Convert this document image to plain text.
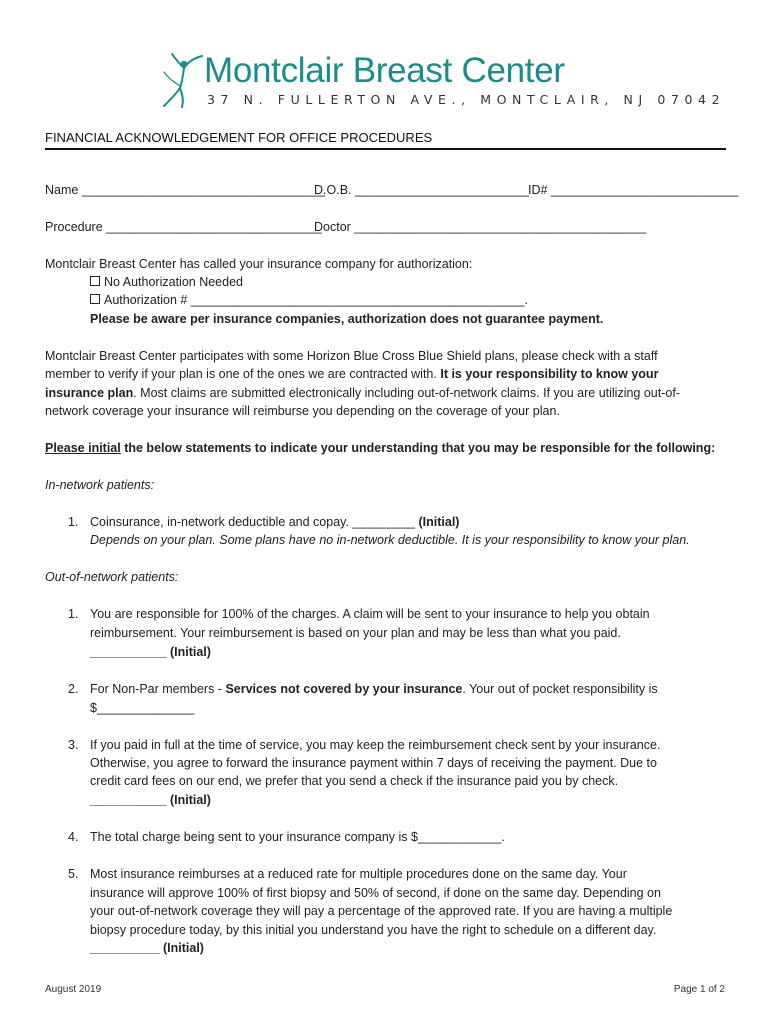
Montclair Breast Center
37 N. FULLERTON AVE., MONTCLAIR, NJ 07042
FINANCIAL ACKNOWLEDGEMENT FOR OFFICE PROCEDURES
Name ___________________________________
D.O.B. _________________________ ID# ___________________________
Procedure _______________________________
Doctor __________________________________________
Montclair Breast Center has called your insurance company for authorization:
No Authorization Needed
Authorization # ________________________________________________.
Please be aware per insurance companies, authorization does not guarantee payment.
Montclair Breast Center participates with some Horizon Blue Cross Blue Shield plans, please check with a staff
member to verify if your plan is one of the ones we are contracted with. It is your responsibility to know your
insurance plan. Most claims are submitted electronically including out-of-network claims. If you are utilizing out-of-
network coverage your insurance will reimburse you depending on the coverage of your plan.
Please initial the below statements to indicate your understanding that you may be responsible for the following:
In-network patients:
1. Coinsurance, in-network deductible and copay. _________ (Initial)
Depends on your plan. Some plans have no in-network deductible. It is your responsibility to know your plan.
Out-of-network patients:
1. You are responsible for 100% of the charges. A claim will be sent to your insurance to help you obtain
reimbursement. Your reimbursement is based on your plan and may be less than what you paid.
___________ (Initial)
2. For Non-Par members - Services not covered by your insurance. Your out of pocket responsibility is
$______________
3. If you paid in full at the time of service, you may keep the reimbursement check sent by your insurance.
Otherwise, you agree to forward the insurance payment within 7 days of receiving the payment. Due to
credit card fees on our end, we prefer that you send a check if the insurance paid you by check.
___________ (Initial)
4. The total charge being sent to your insurance company is $____________.
5. Most insurance reimburses at a reduced rate for multiple procedures done on the same day. Your
insurance will approve 100% of first biopsy and 50% of second, if done on the same day. Depending on
your out-of-network coverage they will pay a percentage of the approved rate. If you are having a multiple
biopsy procedure today, by this initial you understand you have the right to schedule on a different day.
__________ (Initial)
August 2019	Page 1 of 2
